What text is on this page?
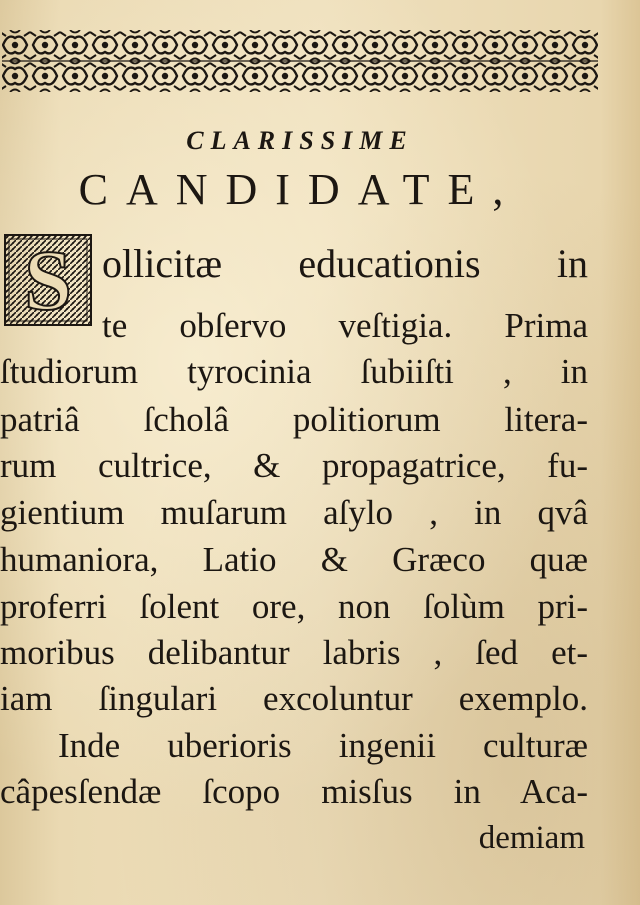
CLARISSIME
CANDIDATE,
S ollicitæ educationis in
te obſervo veſtigia. Prima
ſtudiorum tyrocinia ſubiiſti , in
patriâ ſcholâ politiorum litera-
rum cultrice, & propagatrice, fu-
gientium muſarum aſylo , in qvâ
humaniora, Latio & Græco quæ
proferri ſolent ore, non ſolùm pri-
moribus delibantur labris , ſed et-
iam ſingulari excoluntur exemplo.
Inde uberioris ingenii culturæ
câpesſendæ ſcopo misſus in Aca-
demiam
